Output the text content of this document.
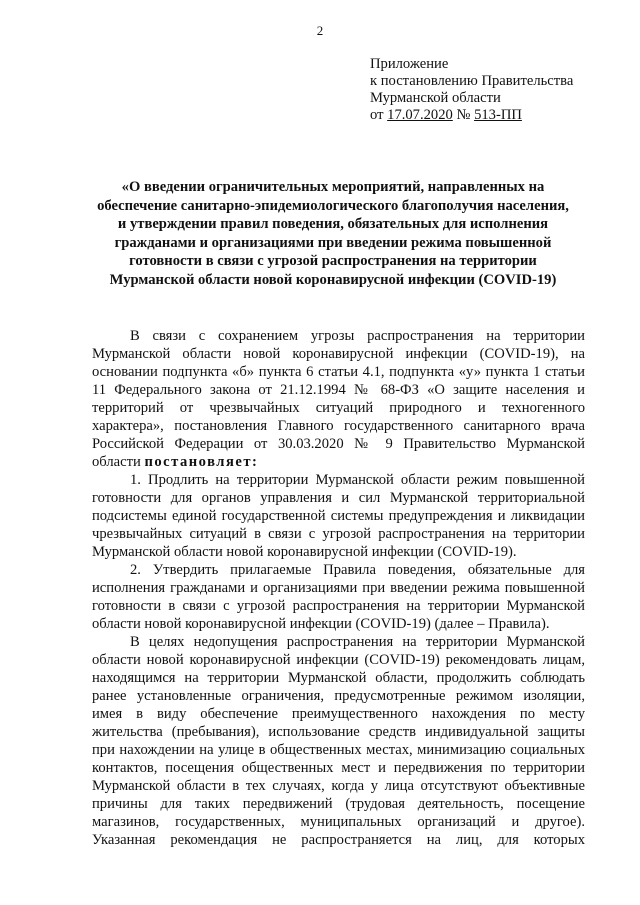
2
Приложение
к постановлению Правительства
Мурманской области
от 17.07.2020 № 513-ПП
«О введении ограничительных мероприятий, направленных на
обеспечение санитарно-эпидемиологического благополучия населения,
и утверждении правил поведения, обязательных для исполнения
гражданами и организациями при введении режима повышенной
готовности в связи с угрозой распространения на территории
Мурманской области новой коронавирусной инфекции (COVID-19)
В связи с сохранением угрозы распространения на территории
Мурманской области новой коронавирусной инфекции (COVID-19), на
основании подпункта «б» пункта 6 статьи 4.1, подпункта «у» пункта 1 статьи
11 Федерального закона от 21.12.1994 № 68-ФЗ «О защите населения и
территорий от чрезвычайных ситуаций природного и техногенного
характера», постановления Главного государственного санитарного врача
Российской Федерации от 30.03.2020 № 9 Правительство Мурманской
области постановляет:
1. Продлить на территории Мурманской области режим повышенной
готовности для органов управления и сил Мурманской территориальной
подсистемы единой государственной системы предупреждения и ликвидации
чрезвычайных ситуаций в связи с угрозой распространения на территории
Мурманской области новой коронавирусной инфекции (COVID-19).
2. Утвердить прилагаемые Правила поведения, обязательные для
исполнения гражданами и организациями при введении режима повышенной
готовности в связи с угрозой распространения на территории Мурманской
области новой коронавирусной инфекции (COVID-19) (далее – Правила).
В целях недопущения распространения на территории Мурманской
области новой коронавирусной инфекции (COVID-19) рекомендовать лицам,
находящимся на территории Мурманской области, продолжить соблюдать
ранее установленные ограничения, предусмотренные режимом изоляции,
имея в виду обеспечение преимущественного нахождения по месту
жительства (пребывания), использование средств индивидуальной защиты
при нахождении на улице в общественных местах, минимизацию социальных
контактов, посещения общественных мест и передвижения по территории
Мурманской области в тех случаях, когда у лица отсутствуют объективные
причины для таких передвижений (трудовая деятельность, посещение
магазинов, государственных, муниципальных организаций и другое).
Указанная рекомендация не распространяется на лиц, для которых
